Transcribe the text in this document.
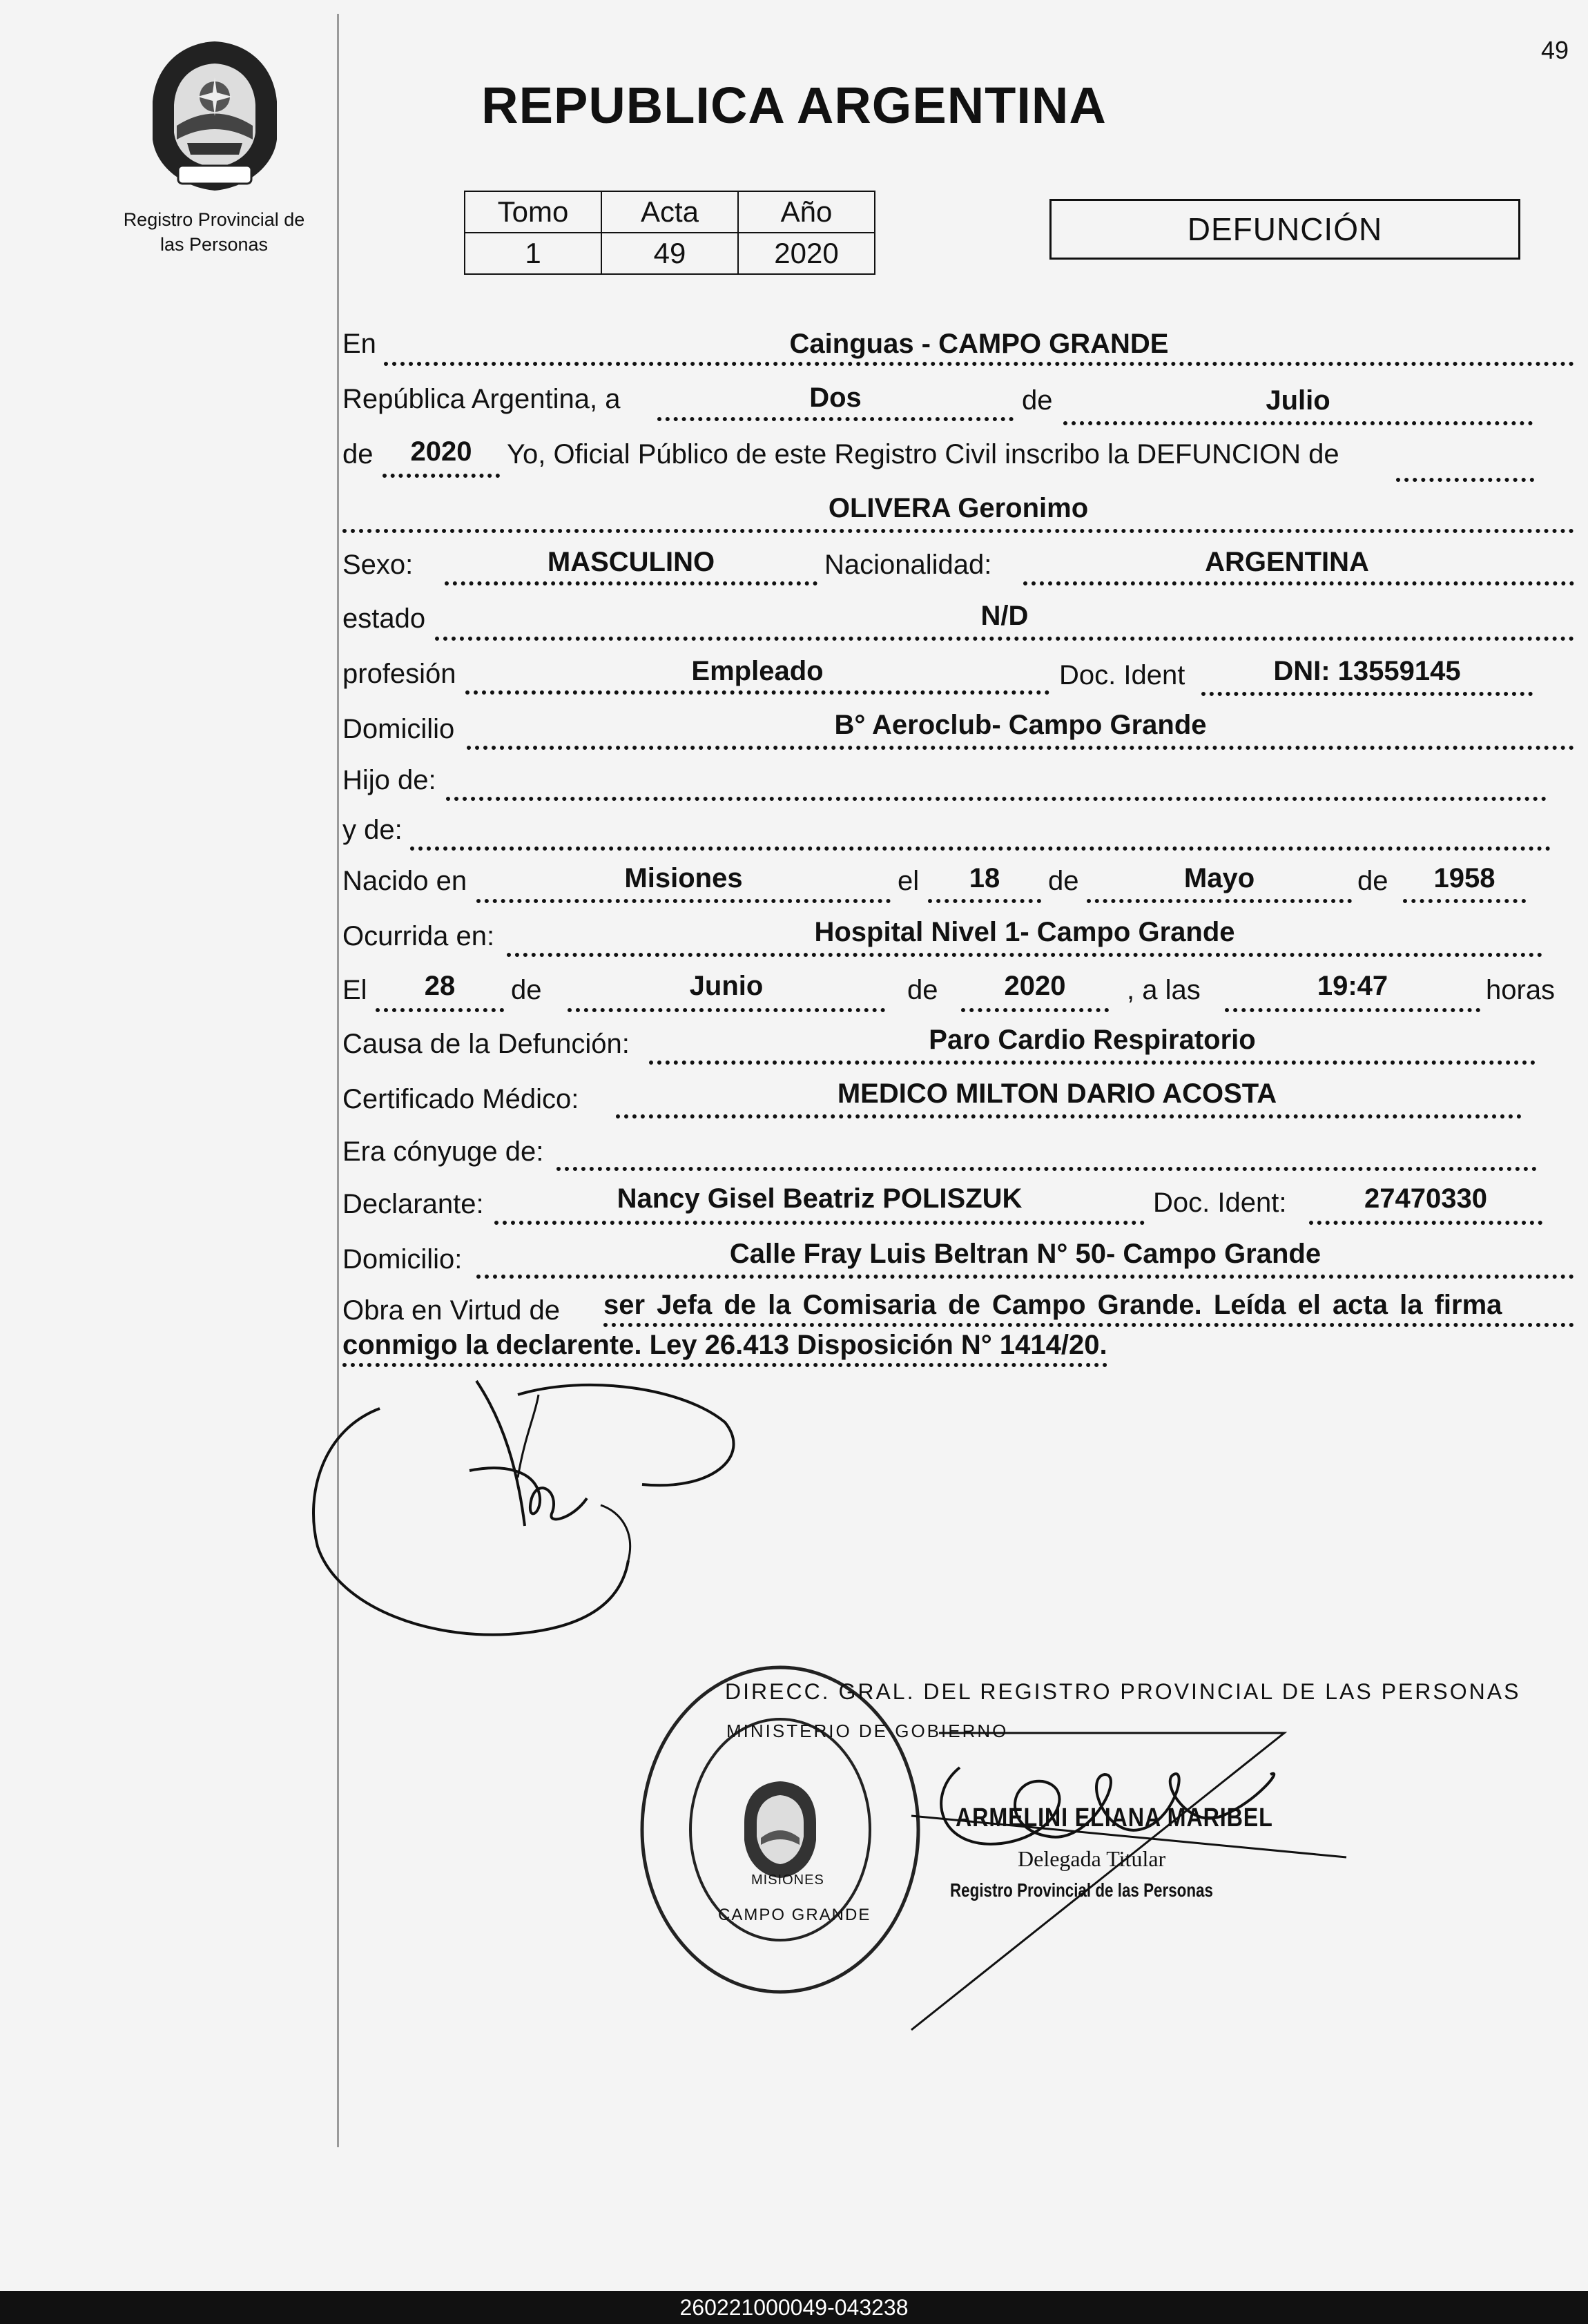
49
Registro Provincial de
las Personas
REPUBLICA ARGENTINA
Tomo	Acta	Año
1	49	2020
DEFUNCIÓN
En	Cainguas - CAMPO GRANDE
República Argentina, a	Dos	de	Julio
de	2020	Yo, Oficial Público de este Registro Civil inscribo la DEFUNCION de
OLIVERA Geronimo
Sexo:	MASCULINO	Nacionalidad:	ARGENTINA
estado	N/D
profesión	Empleado	Doc. Ident	DNI: 13559145
Domicilio	B° Aeroclub- Campo Grande
Hijo de:
y de:
Nacido en	Misiones	el	18	de	Mayo	de	1958
Ocurrida en:	Hospital Nivel 1- Campo Grande
El	28	de	Junio	de	2020	, a las	19:47	horas
Causa de la Defunción:	Paro Cardio Respiratorio
Certificado Médico:	MEDICO MILTON DARIO ACOSTA
Era cónyuge de:
Declarante:	Nancy Gisel Beatriz POLISZUK	Doc. Ident:	27470330
Domicilio:	Calle Fray Luis Beltran N° 50- Campo Grande
Obra en Virtud de ser Jefa de la Comisaria de Campo Grande. Leída el acta la firma
conmigo la declarente. Ley 26.413 Disposición N° 1414/20.
DIRECC. GRAL. DEL REGISTRO PROVINCIAL DE LAS PERSONAS
MINISTERIO DE GOBIERNO
MISIONES
CAMPO GRANDE
ARMELINI ELIANA MARIBEL
Delegada Titular
Registro Provincial de las Personas
260221000049-043238
